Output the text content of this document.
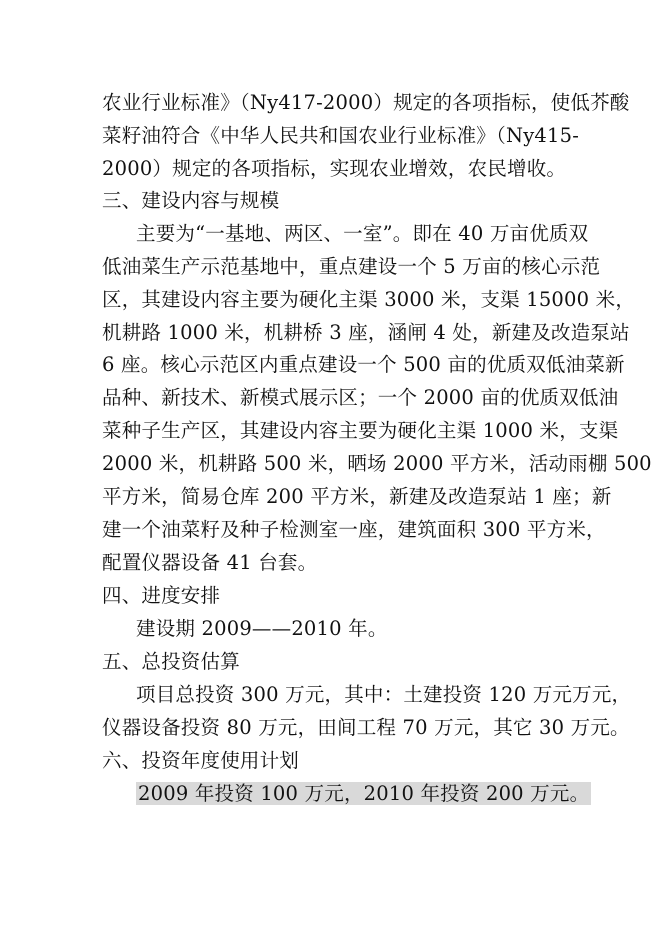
农业行业标准》（Ny417-2000）规定的各项指标，使低芥酸
菜籽油符合《中华人民共和国农业行业标准》（Ny415-
2000）规定的各项指标，实现农业增效，农民增收。
三、建设内容与规模
主要为“一基地、两区、一室”。即在 40 万亩优质双
低油菜生产示范基地中，重点建设一个 5 万亩的核心示范
区，其建设内容主要为硬化主渠 3000 米，支渠 15000 米，
机耕路 1000 米，机耕桥 3 座，涵闸 4 处，新建及改造泵站
6 座。核心示范区内重点建设一个 500 亩的优质双低油菜新
品种、新技术、新模式展示区；一个 2000 亩的优质双低油
菜种子生产区，其建设内容主要为硬化主渠 1000 米，支渠
2000 米，机耕路 500 米，晒场 2000 平方米，活动雨棚 500
平方米，简易仓库 200 平方米，新建及改造泵站 1 座；新
建一个油菜籽及种子检测室一座，建筑面积 300 平方米，
配置仪器设备 41 台套。
四、进度安排
建设期 2009——2010 年。
五、总投资估算
项目总投资 300 万元，其中：土建投资 120 万元万元，
仪器设备投资 80 万元，田间工程 70 万元，其它 30 万元。
六、投资年度使用计划
2009 年投资 100 万元，2010 年投资 200 万元。
